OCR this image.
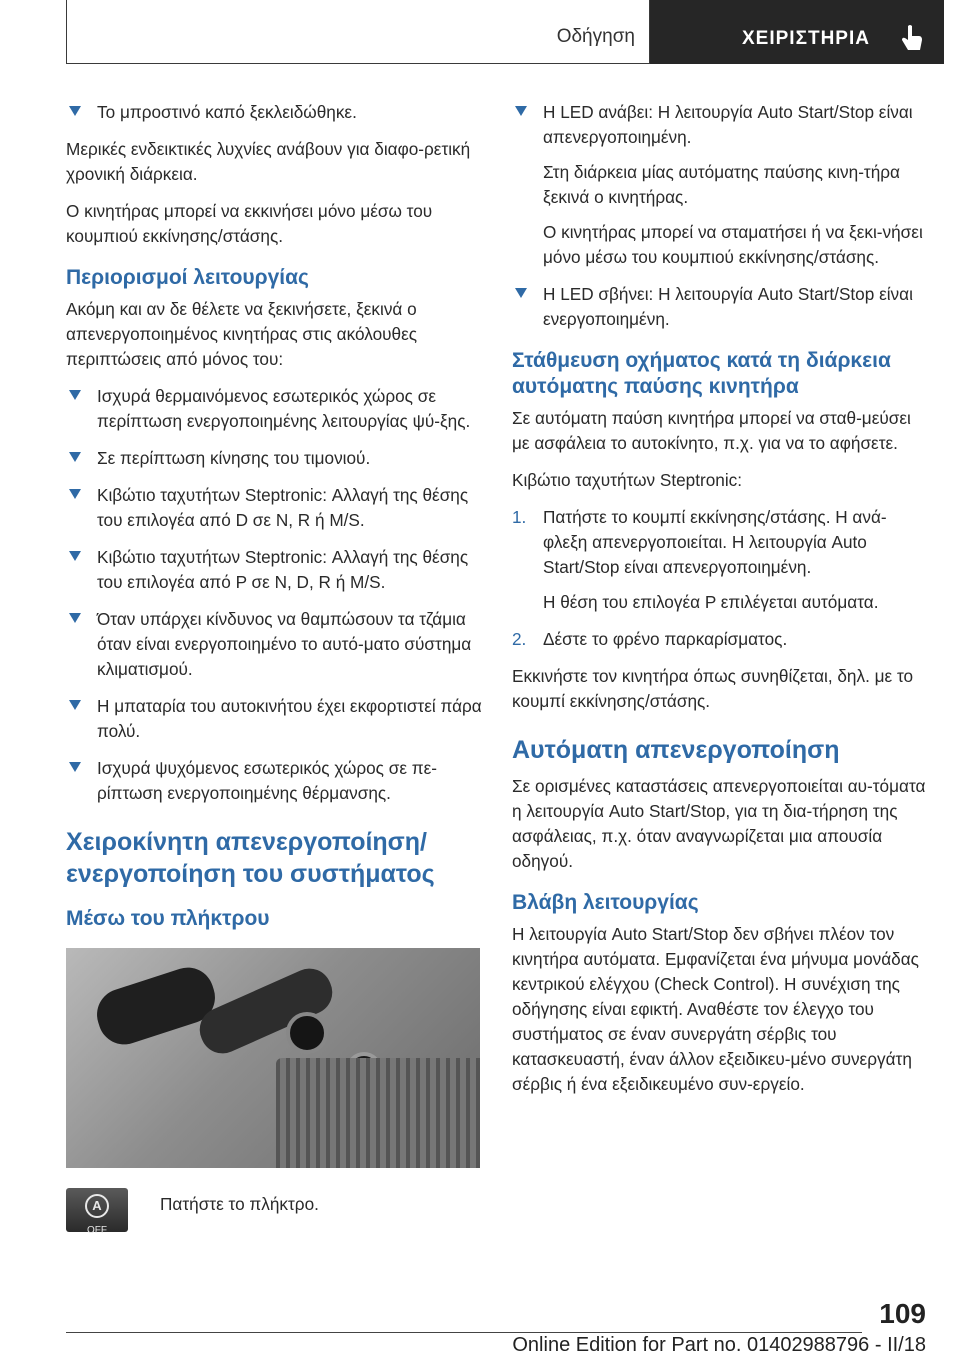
Οδήγηση	ΧΕΙΡΙΣΤΗΡΙΑ
Το μπροστινό καπό ξεκλειδώθηκε.

Μερικές ενδεικτικές λυχνίες ανάβουν για διαφο‐ρετική χρονική διάρκεια.

Ο κινητήρας μπορεί να εκκινήσει μόνο μέσω του κουμπιού εκκίνησης/στάσης.

Περιορισμοί λειτουργίας

Ακόμη και αν δε θέλετε να ξεκινήσετε, ξεκινά ο απενεργοποιημένος κινητήρας στις ακόλουθες περιπτώσεις από μόνος του:

Ισχυρά θερμαινόμενος εσωτερικός χώρος σε περίπτωση ενεργοποιημένης λειτουργίας ψύ‐ξης.
Σε περίπτωση κίνησης του τιμονιού.
Κιβώτιο ταχυτήτων Steptronic: Αλλαγή της θέσης του επιλογέα από D σε N, R ή M/S.
Κιβώτιο ταχυτήτων Steptronic: Αλλαγή της θέσης του επιλογέα από P σε N, D, R ή M/S.
Όταν υπάρχει κίνδυνος να θαμπώσουν τα τζάμια όταν είναι ενεργοποιημένο το αυτό‐ματο σύστημα κλιματισμού.
Η μπαταρία του αυτοκινήτου έχει εκφορτιστεί πάρα πολύ.
Ισχυρά ψυχόμενος εσωτερικός χώρος σε πε‐ρίπτωση ενεργοποιημένης θέρμανσης.
Χειροκίνητη απενεργοποίηση/ ενεργοποίηση του συστήματος
Μέσω του πλήκτρου
A
OFF
Πατήστε το πλήκτρο.
Η LED ανάβει: Η λειτουργία Auto Start/Stop είναι απενεργοποιημένη.
Στη διάρκεια μίας αυτόματης παύσης κινη‐τήρα ξεκινά ο κινητήρας.
Ο κινητήρας μπορεί να σταματήσει ή να ξεκι‐νήσει μόνο μέσω του κουμπιού εκκίνησης/στάσης.
Η LED σβήνει: Η λειτουργία Auto Start/Stop είναι ενεργοποιημένη.
Στάθμευση οχήματος κατά τη διάρκεια αυτόματης παύσης κινητήρα

Σε αυτόματη παύση κινητήρα μπορεί να σταθ‐μεύσει με ασφάλεια το αυτοκίνητο, π.χ. για να το αφήσετε.

Κιβώτιο ταχυτήτων Steptronic:

1. Πατήστε το κουμπί εκκίνησης/στάσης. Η ανά‐φλεξη απενεργοποιείται. Η λειτουργία Auto Start/Stop είναι απενεργοποιημένη.
Η θέση του επιλογέα P επιλέγεται αυτόματα.
2. Δέστε το φρένο παρκαρίσματος.

Εκκινήστε τον κινητήρα όπως συνηθίζεται, δηλ. με το κουμπί εκκίνησης/στάσης.

Αυτόματη απενεργοποίηση

Σε ορισμένες καταστάσεις απενεργοποιείται αυ‐τόματα η λειτουργία Auto Start/Stop, για τη δια‐τήρηση της ασφάλειας, π.χ. όταν αναγνωρίζεται μια απουσία οδηγού.

Βλάβη λειτουργίας

Η λειτουργία Auto Start/Stop δεν σβήνει πλέον τον κινητήρα αυτόματα. Εμφανίζεται ένα μήνυμα μονάδας κεντρικού ελέγχου (Check Control). Η συνέχιση της οδήγησης είναι εφικτή. Αναθέστε τον έλεγχο του συστήματος σε έναν συνεργάτη σέρβις του κατασκευαστή, έναν άλλον εξειδικευ‐μένο συνεργάτη σέρβις ή ένα εξειδικευμένο συν‐εργείο.

109
Online Edition for Part no. 01402988796 - II/18
